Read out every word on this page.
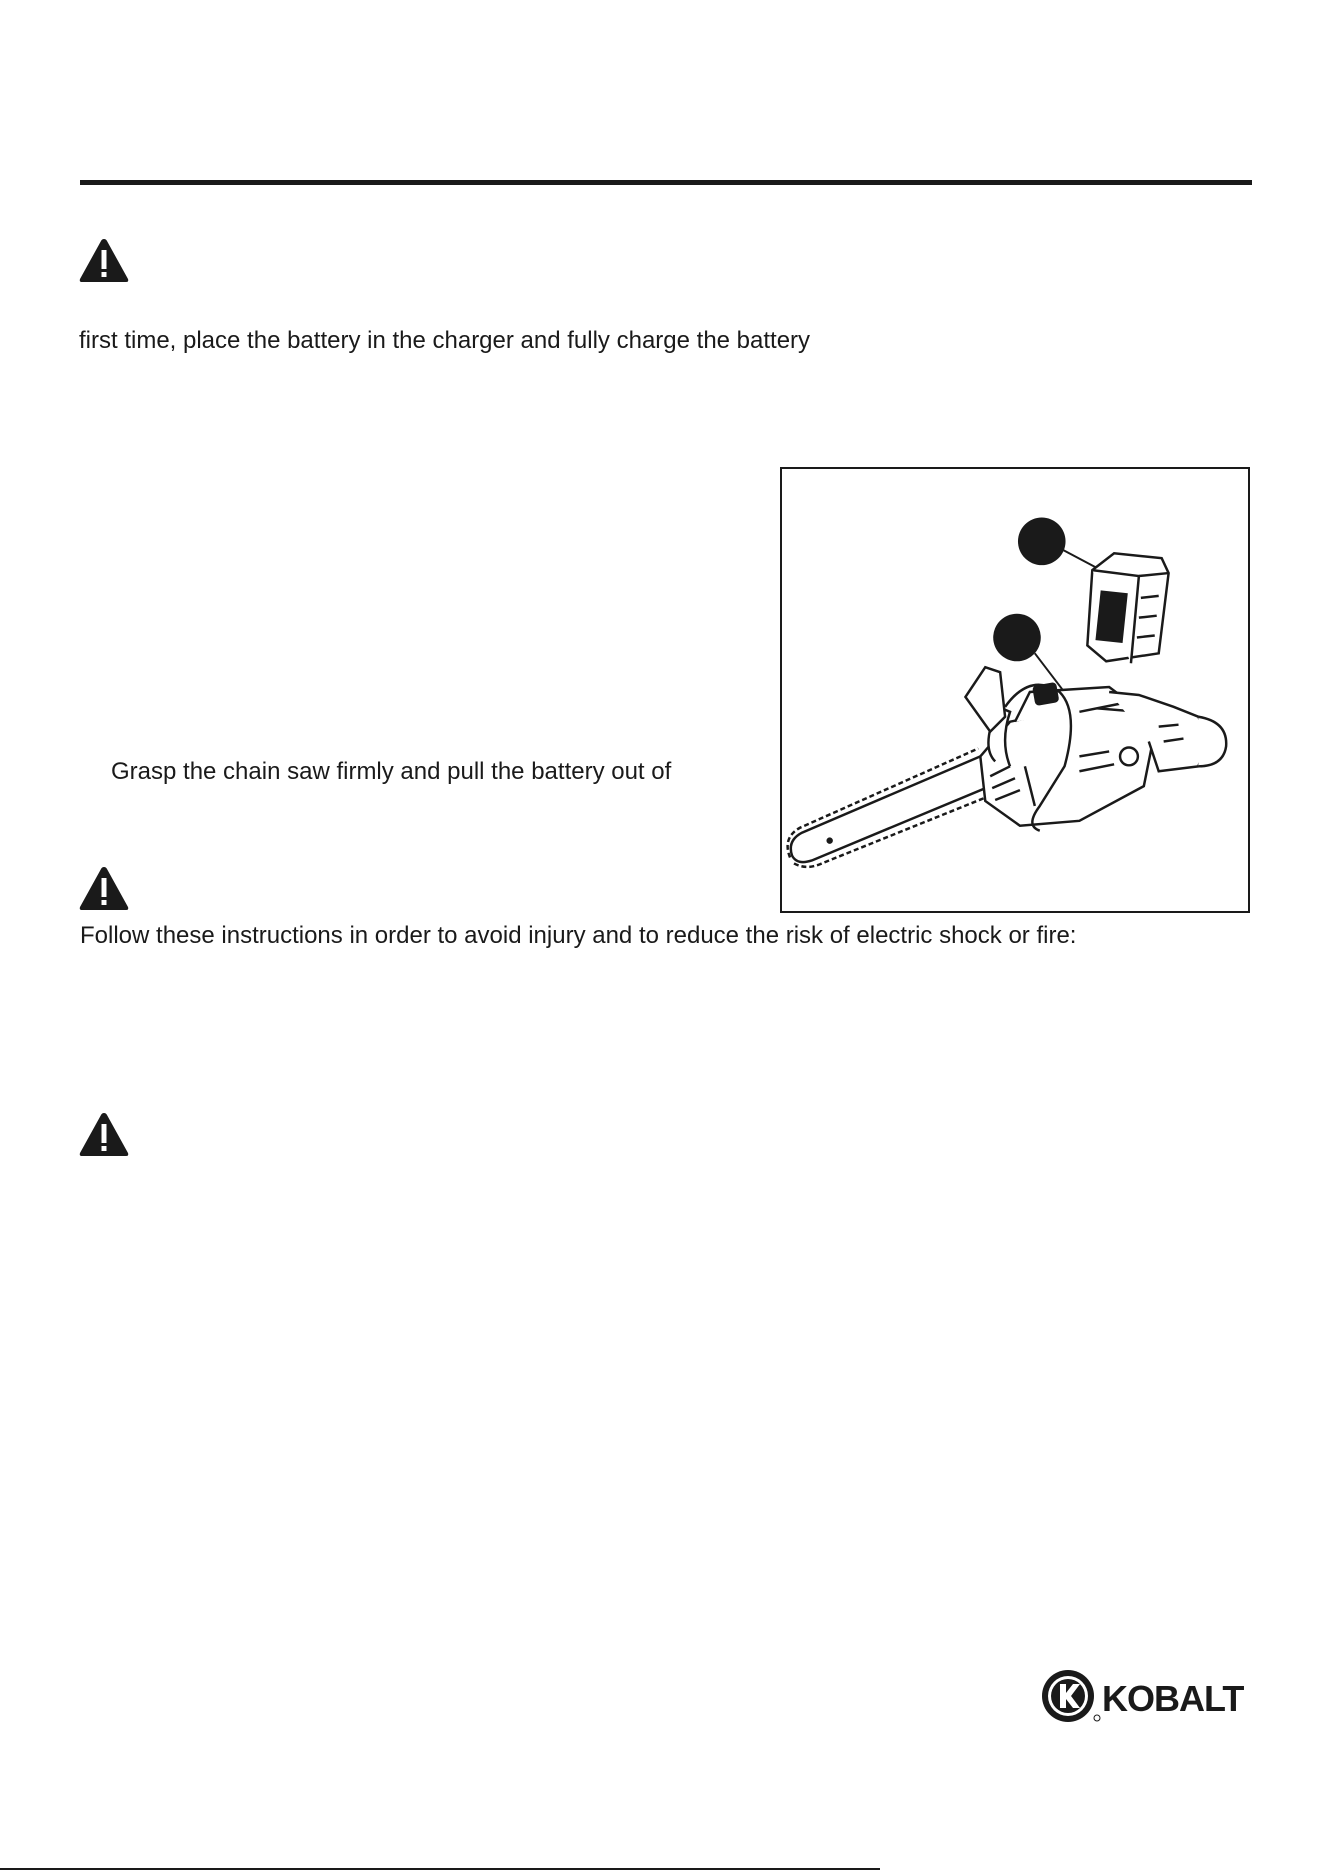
first time, place the battery in the charger and fully charge the battery
Grasp the chain saw firmly and pull the battery out of
Follow these instructions in order to avoid injury and to reduce the risk of electric shock or fire:
KOBALT
